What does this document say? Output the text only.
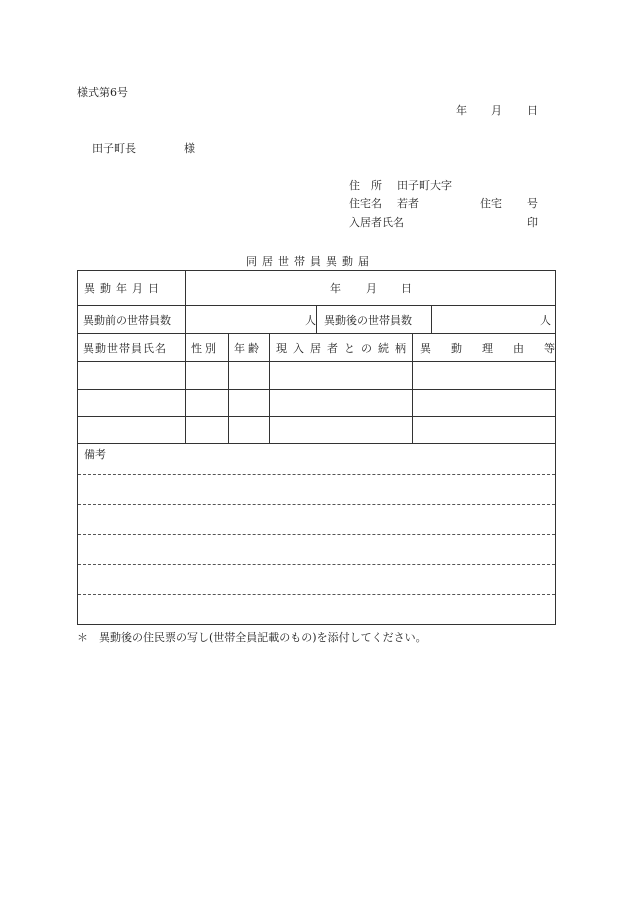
様式第6号
年 月 日
田子町長	様
住　所 田子町大字
住宅名 若者	住宅 号
入居者氏名	印
同居世帯員異動届
異動年月日	年 月 日
異動前の世帯員数	人 異動後の世帯員数	人
異動世帯員氏名 性別 年齢 現入居者との続柄 異動理由等
備考
＊　異動後の住民票の写し(世帯全員記載のもの)を添付してください。
